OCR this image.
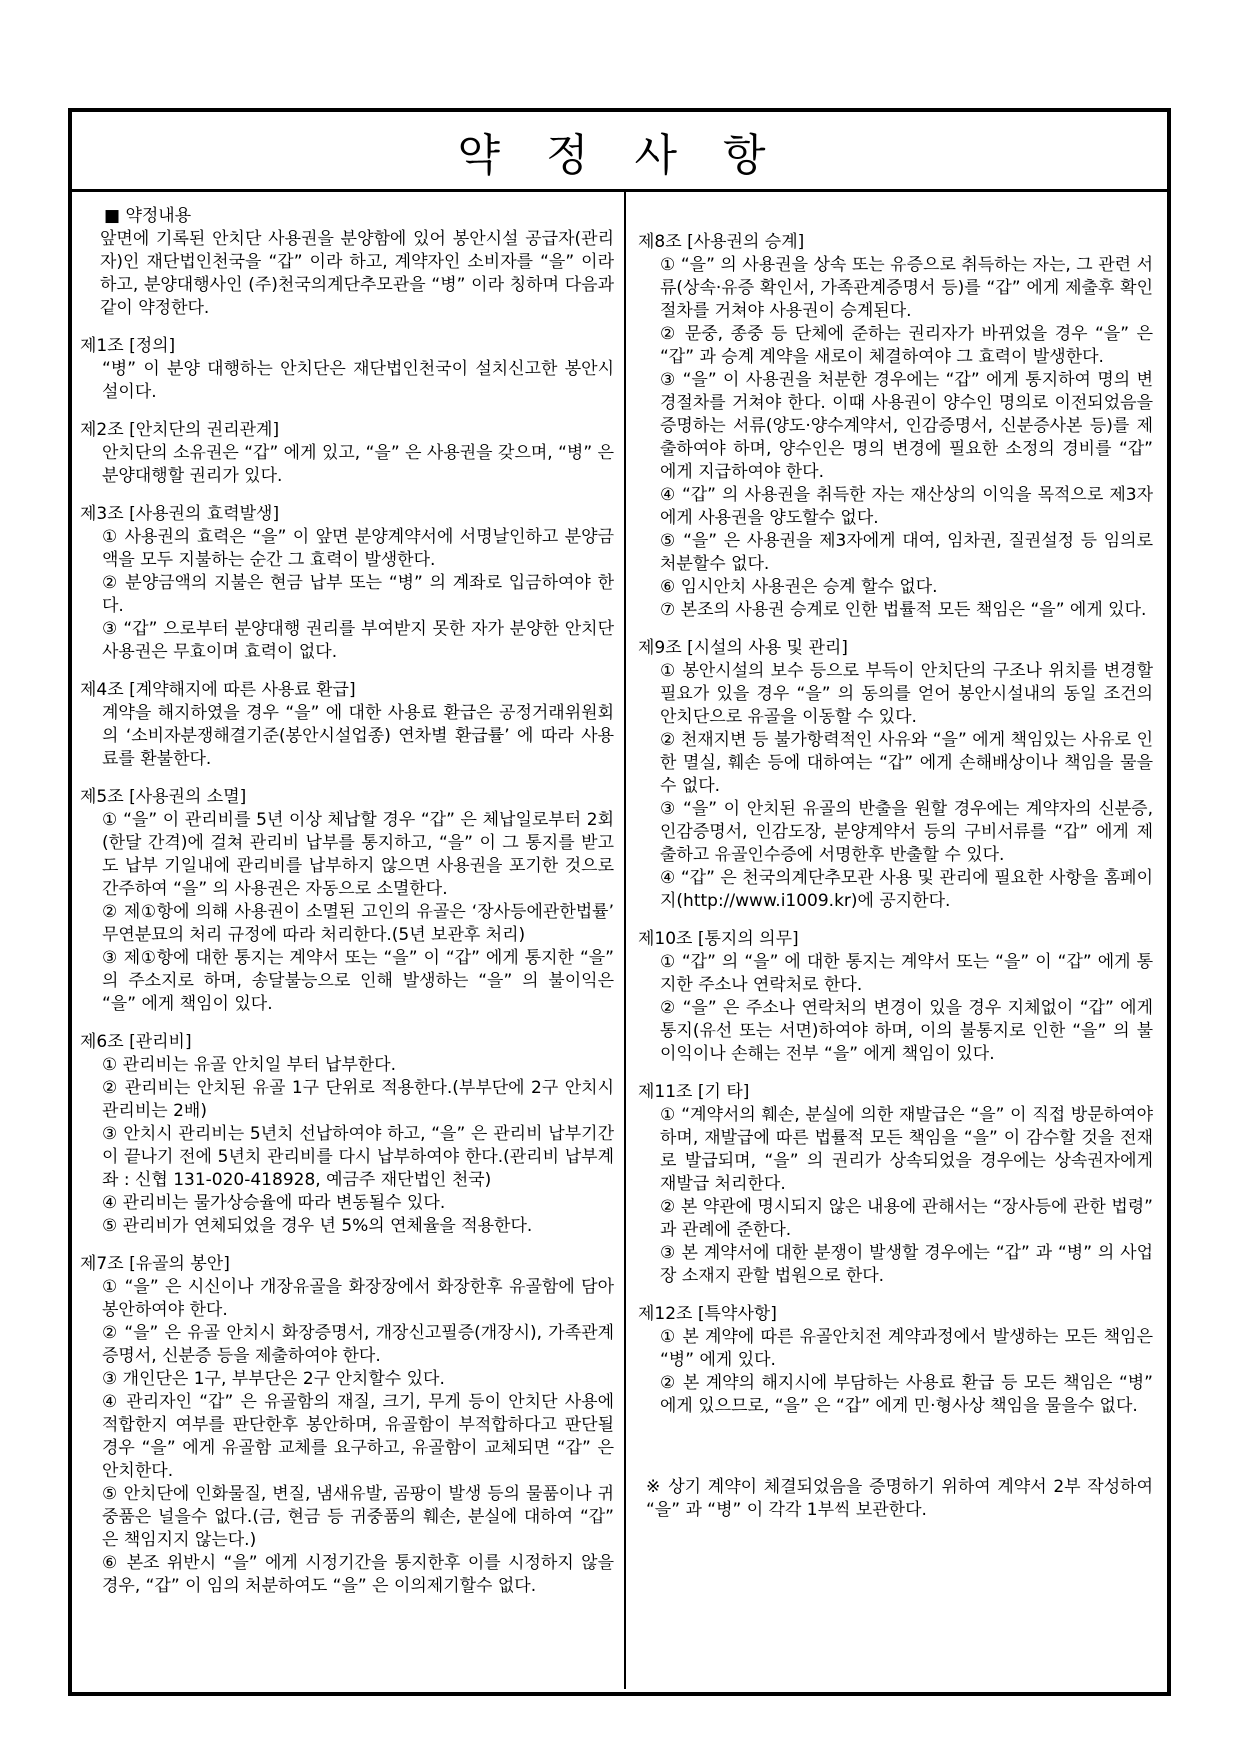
약 정 사 항
■ 약정내용
앞면에 기록된 안치단 사용권을 분양함에 있어 봉안시설 공급자(관리자)인 재단법인천국을 “갑” 이라 하고, 계약자인 소비자를 “을” 이라 하고, 분양대행사인 (주)천국의계단추모관을 “병” 이라 칭하며 다음과 같이 약정한다.
제1조 [정의]
“병” 이 분양 대행하는 안치단은 재단법인천국이 설치신고한 봉안시설이다.
제2조 [안치단의 권리관계]
안치단의 소유권은 “갑” 에게 있고, “을” 은 사용권을 갖으며, “병” 은 분양대행할 권리가 있다.
제3조 [사용권의 효력발생]
① 사용권의 효력은 “을” 이 앞면 분양계약서에 서명날인하고 분양금액을 모두 지불하는 순간 그 효력이 발생한다.
② 분양금액의 지불은 현금 납부 또는 “병” 의 계좌로 입금하여야 한다.
③ “갑” 으로부터 분양대행 권리를 부여받지 못한 자가 분양한 안치단 사용권은 무효이며 효력이 없다.
제4조 [계약해지에 따른 사용료 환급]
계약을 해지하였을 경우 “을” 에 대한 사용료 환급은 공정거래위원회의 ‘소비자분쟁해결기준(봉안시설업종) 연차별 환급률’ 에 따라 사용료를 환불한다.
제5조 [사용권의 소멸]
① “을” 이 관리비를 5년 이상 체납할 경우 “갑” 은 체납일로부터 2회(한달 간격)에 걸쳐 관리비 납부를 통지하고, “을” 이 그 통지를 받고도 납부 기일내에 관리비를 납부하지 않으면 사용권을 포기한 것으로 간주하여 “을” 의 사용권은 자동으로 소멸한다.
② 제①항에 의해 사용권이 소멸된 고인의 유골은 ‘장사등에관한법률’ 무연분묘의 처리 규정에 따라 처리한다.(5년 보관후 처리)
③ 제①항에 대한 통지는 계약서 또는 “을” 이 “갑” 에게 통지한 “을” 의 주소지로 하며, 송달불능으로 인해 발생하는 “을” 의 불이익은 “을” 에게 책임이 있다.
제6조 [관리비]
① 관리비는 유골 안치일 부터 납부한다.
② 관리비는 안치된 유골 1구 단위로 적용한다.(부부단에 2구 안치시 관리비는 2배)
③ 안치시 관리비는 5년치 선납하여야 하고, “을” 은 관리비 납부기간이 끝나기 전에 5년치 관리비를 다시 납부하여야 한다.(관리비 납부계좌 : 신협 131-020-418928, 예금주 재단법인 천국)
④ 관리비는 물가상승율에 따라 변동될수 있다.
⑤ 관리비가 연체되었을 경우 년 5%의 연체율을 적용한다.
제7조 [유골의 봉안]
① “을” 은 시신이나 개장유골을 화장장에서 화장한후 유골함에 담아 봉안하여야 한다.
② “을” 은 유골 안치시 화장증명서, 개장신고필증(개장시), 가족관계증명서, 신분증 등을 제출하여야 한다.
③ 개인단은 1구, 부부단은 2구 안치할수 있다.
④ 관리자인 “갑” 은 유골함의 재질, 크기, 무게 등이 안치단 사용에 적합한지 여부를 판단한후 봉안하며, 유골함이 부적합하다고 판단될 경우 “을” 에게 유골함 교체를 요구하고, 유골함이 교체되면 “갑” 은 안치한다.
⑤ 안치단에 인화물질, 변질, 냄새유발, 곰팡이 발생 등의 물품이나 귀중품은 널을수 없다.(금, 현금 등 귀중품의 훼손, 분실에 대하여 “갑” 은 책임지지 않는다.)
⑥ 본조 위반시 “을” 에게 시정기간을 통지한후 이를 시정하지 않을 경우, “갑” 이 임의 처분하여도 “을” 은 이의제기할수 없다.
제8조 [사용권의 승계]
① “을” 의 사용권을 상속 또는 유증으로 취득하는 자는, 그 관련 서류(상속·유증 확인서, 가족관계증명서 등)를 “갑” 에게 제출후 확인절차를 거쳐야 사용권이 승계된다.
② 문중, 종중 등 단체에 준하는 권리자가 바뀌었을 경우 “을” 은 “갑” 과 승계 계약을 새로이 체결하여야 그 효력이 발생한다.
③ “을” 이 사용권을 처분한 경우에는 “갑” 에게 통지하여 명의 변경절차를 거쳐야 한다. 이때 사용권이 양수인 명의로 이전되었음을 증명하는 서류(양도·양수계약서, 인감증명서, 신분증사본 등)를 제출하여야 하며, 양수인은 명의 변경에 필요한 소정의 경비를 “갑” 에게 지급하여야 한다.
④ “갑” 의 사용권을 취득한 자는 재산상의 이익을 목적으로 제3자에게 사용권을 양도할수 없다.
⑤ “을” 은 사용권을 제3자에게 대여, 임차권, 질권설정 등 임의로 처분할수 없다.
⑥ 임시안치 사용권은 승계 할수 없다.
⑦ 본조의 사용권 승계로 인한 법률적 모든 책임은 “을” 에게 있다.
제9조 [시설의 사용 및 관리]
① 봉안시설의 보수 등으로 부득이 안치단의 구조나 위치를 변경할 필요가 있을 경우 “을” 의 동의를 얻어 봉안시설내의 동일 조건의 안치단으로 유골을 이동할 수 있다.
② 천재지변 등 불가항력적인 사유와 “을” 에게 책임있는 사유로 인한 멸실, 훼손 등에 대하여는 “갑” 에게 손해배상이나 책임을 물을 수 없다.
③ “을” 이 안치된 유골의 반출을 원할 경우에는 계약자의 신분증, 인감증명서, 인감도장, 분양계약서 등의 구비서류를 “갑” 에게 제출하고 유골인수증에 서명한후 반출할 수 있다.
④ “갑” 은 천국의계단추모관 사용 및 관리에 필요한 사항을 홈페이지(http://www.i1009.kr)에 공지한다.
제10조 [통지의 의무]
① “갑” 의 “을” 에 대한 통지는 계약서 또는 “을” 이 “갑” 에게 통지한 주소나 연락처로 한다.
② “을” 은 주소나 연락처의 변경이 있을 경우 지체없이 “갑” 에게 통지(유선 또는 서면)하여야 하며, 이의 불통지로 인한 “을” 의 불이익이나 손해는 전부 “을” 에게 책임이 있다.
제11조 [기 타]
① “계약서의 훼손, 분실에 의한 재발급은 “을” 이 직접 방문하여야 하며, 재발급에 따른 법률적 모든 책임을 “을” 이 감수할 것을 전재로 발급되며, “을” 의 권리가 상속되었을 경우에는 상속권자에게 재발급 처리한다.
② 본 약관에 명시되지 않은 내용에 관해서는 “장사등에 관한 법령” 과 관례에 준한다.
③ 본 계약서에 대한 분쟁이 발생할 경우에는 “갑” 과 “병” 의 사업장 소재지 관할 법원으로 한다.
제12조 [특약사항]
① 본 계약에 따른 유골안치전 계약과정에서 발생하는 모든 책임은 “병” 에게 있다.
② 본 계약의 해지시에 부담하는 사용료 환급 등 모든 책임은 “병” 에게 있으므로, “을” 은 “갑” 에게 민·형사상 책임을 물을수 없다.
※ 상기 계약이 체결되었음을 증명하기 위하여 계약서 2부 작성하여 “을” 과 “병” 이 각각 1부씩 보관한다.
